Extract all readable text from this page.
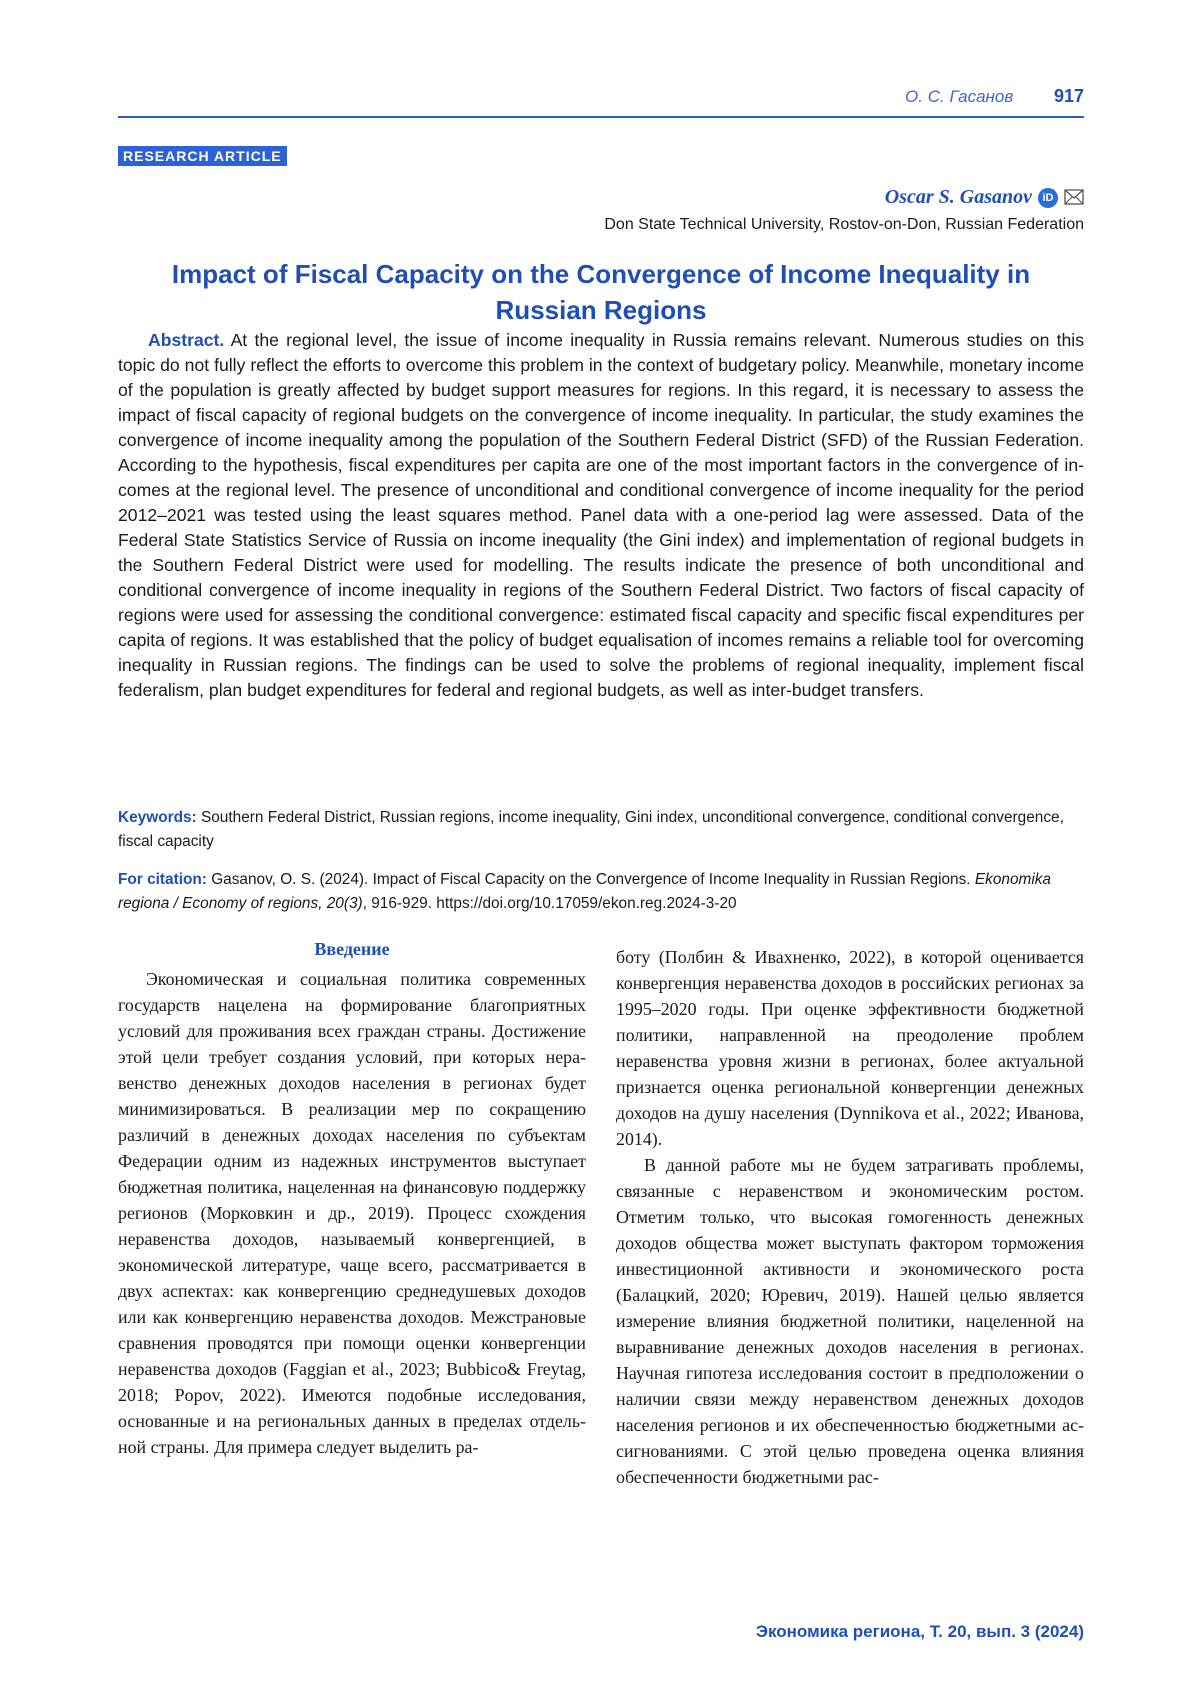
О. С. Гасанов 917
RESEARCH ARTICLE
Oscar S. Gasanov iD
Don State Technical University, Rostov-on-Don, Russian Federation
Impact of Fiscal Capacity on the Convergence of Income Inequality in Russian Regions
Abstract. At the regional level, the issue of income inequality in Russia remains relevant. Numerous studies on this topic do not fully reflect the efforts to overcome this problem in the context of budgetary policy. Meanwhile, monetary income of the population is greatly affected by budget support measures for regions. In this regard, it is necessary to assess the impact of fiscal capacity of regional budgets on the convergence of income inequality. In particular, the study examines the convergence of income inequality among the population of the Southern Federal District (SFD) of the Russian Federation. According to the hypothesis, fiscal expenditures per capita are one of the most important factors in the convergence of incomes at the regional level. The presence of unconditional and conditional convergence of income inequality for the period 2012–2021 was tested using the least squares method. Panel data with a one-period lag were assessed. Data of the Federal State Statistics Service of Russia on income inequality (the Gini index) and implementation of regional budgets in the Southern Federal District were used for modelling. The results indicate the presence of both unconditional and conditional convergence of income inequality in regions of the Southern Federal District. Two factors of fiscal capacity of regions were used for assessing the conditional convergence: estimated fiscal capacity and specific fiscal expenditures per capita of regions. It was established that the policy of budget equalisation of incomes remains a reliable tool for overcoming inequality in Russian regions. The findings can be used to solve the problems of regional inequality, implement fiscal federalism, plan budget expenditures for federal and regional budgets, as well as inter-budget transfers.
Keywords: Southern Federal District, Russian regions, income inequality, Gini index, unconditional convergence, conditional convergence, fiscal capacity
For citation: Gasanov, O. S. (2024). Impact of Fiscal Capacity on the Convergence of Income Inequality in Russian Regions. Ekonomika regiona / Economy of regions, 20(3), 916-929. https://doi.org/10.17059/ekon.reg.2024-3-20
Введение

Экономическая и социальная политика современных государств нацелена на формирование благоприятных условий для проживания всех граждан страны. Достижение этой цели требует создания условий, при которых неравенство денежных доходов населения в регионах будет минимизироваться. В реализации мер по сокращению различий в денежных доходах населения по субъектам Федерации одним из надежных инструментов выступает бюджетная политика, нацеленная на финансовую поддержку регионов (Морковкин и др., 2019). Процесс схождения неравенства доходов, называемый конвергенцией, в экономической литературе, чаще всего, рассматривается в двух аспектах: как конвергенцию среднедушевых доходов или как конвергенцию неравенства доходов. Межстрановые сравнения проводятся при помощи оценки конвергенции неравенства доходов (Faggian et al., 2023; Bubbico& Freytag, 2018; Popov, 2022). Имеются подобные исследования, основанные и на региональных данных в пределах отдельной страны. Для примера следует выделить ра-

боту (Полбин & Ивахненко, 2022), в которой оценивается конвергенция неравенства доходов в российских регионах за 1995–2020 годы. При оценке эффективности бюджетной политики, направленной на преодоление проблем неравенства уровня жизни в регионах, более актуальной признается оценка региональной конвергенции денежных доходов на душу населения (Dynnikova et al., 2022; Иванова, 2014).

В данной работе мы не будем затрагивать проблемы, связанные с неравенством и экономическим ростом. Отметим только, что высокая гомогенность денежных доходов общества может выступать фактором торможения инвестиционной активности и экономического роста (Балацкий, 2020; Юревич, 2019). Нашей целью является измерение влияния бюджетной политики, нацеленной на выравнивание денежных доходов населения в регионах. Научная гипотеза исследования состоит в предположении о наличии связи между неравенством денежных доходов населения регионов и их обеспеченностью бюджетными ассигнованиями. С этой целью проведена оценка влияния обеспеченности бюджетными рас-

Экономика региона, Т. 20, вып. 3 (2024)
